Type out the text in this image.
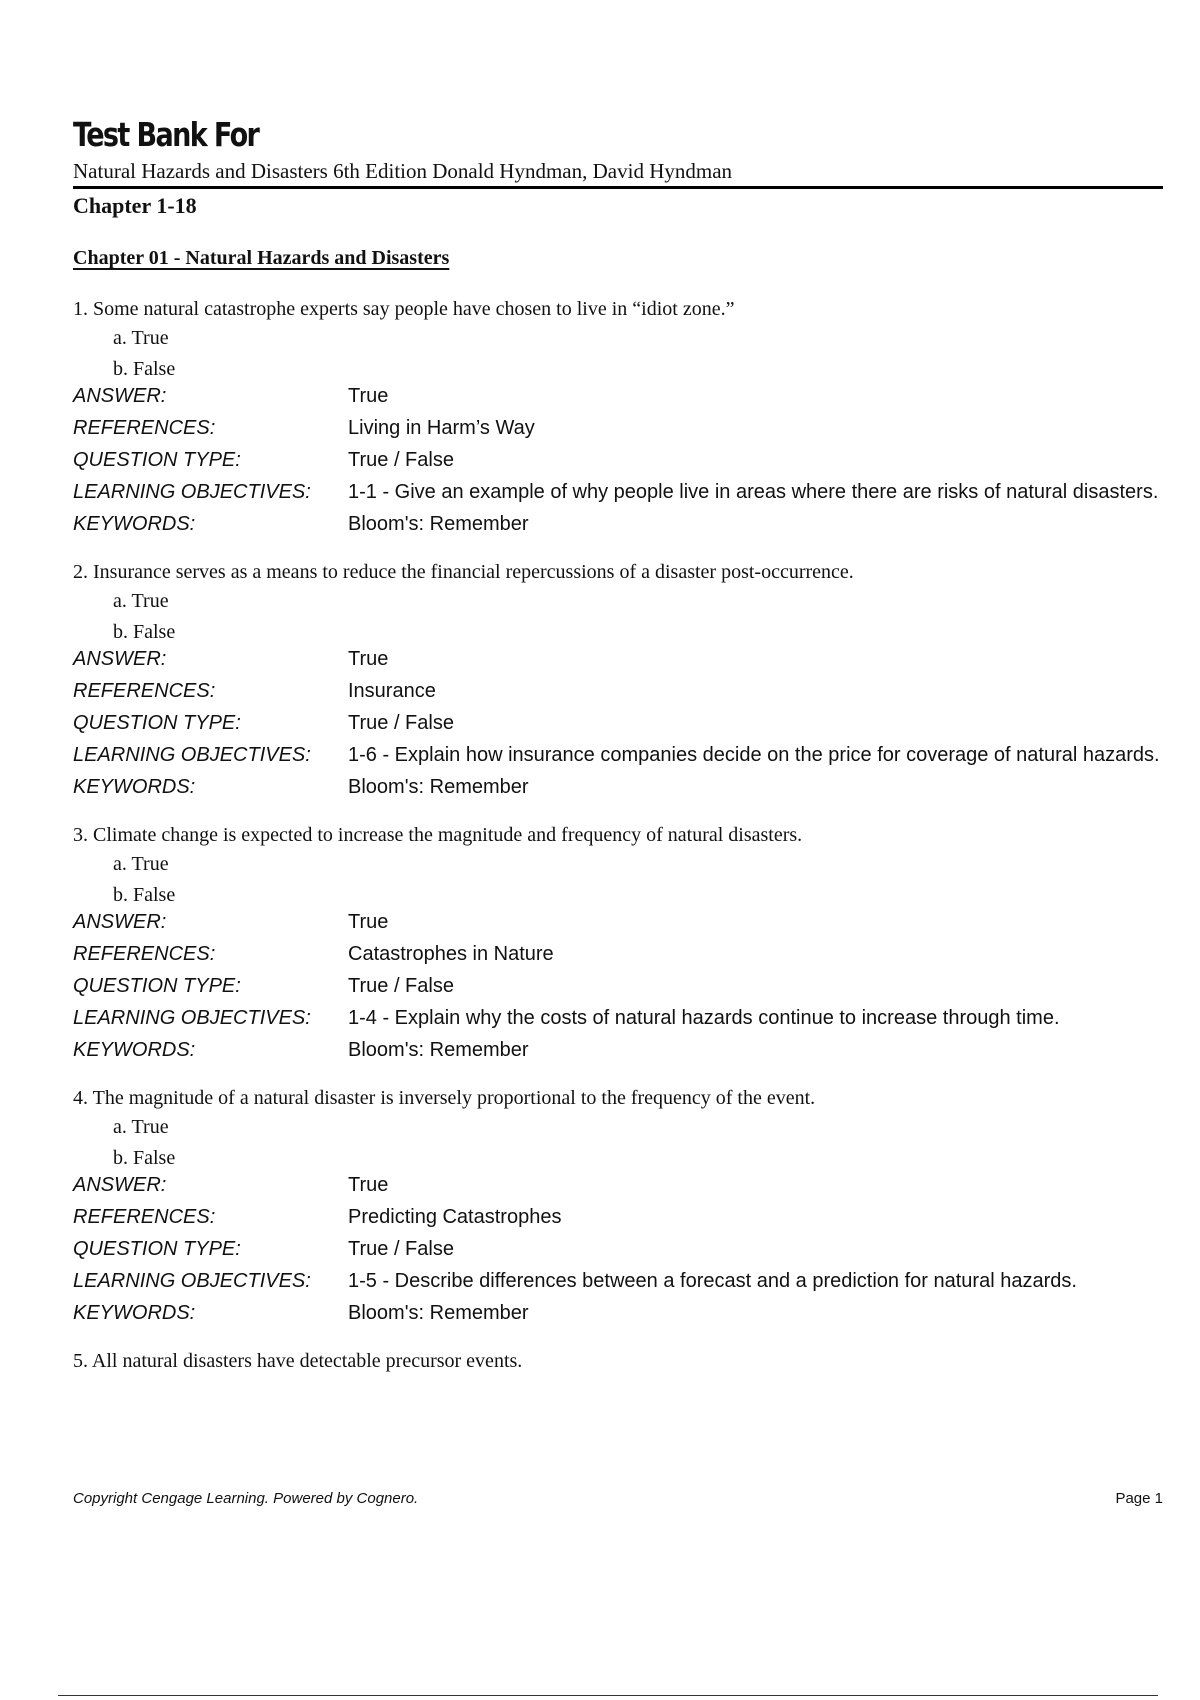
Test Bank For

Natural Hazards and Disasters 6th Edition Donald Hyndman, David Hyndman

Chapter 1-18

Chapter 01 - Natural Hazards and Disasters

1. Some natural catastrophe experts say people have chosen to live in “idiot zone.”

a. True
b. False
ANSWER:	True
REFERENCES:	Living in Harm’s Way
QUESTION TYPE:	True / False
LEARNING OBJECTIVES:	1-1 - Give an example of why people live in areas where there are risks of natural disasters.
KEYWORDS:	Bloom's: Remember

2. Insurance serves as a means to reduce the financial repercussions of a disaster post-occurrence.

a. True
b. False
ANSWER:	True
REFERENCES:	Insurance
QUESTION TYPE:	True / False
LEARNING OBJECTIVES:	1-6 - Explain how insurance companies decide on the price for coverage of natural hazards.
KEYWORDS:	Bloom's: Remember

3. Climate change is expected to increase the magnitude and frequency of natural disasters.

a. True
b. False
ANSWER:	True
REFERENCES:	Catastrophes in Nature
QUESTION TYPE:	True / False
LEARNING OBJECTIVES:	1-4 - Explain why the costs of natural hazards continue to increase through time.
KEYWORDS:	Bloom's: Remember

4. The magnitude of a natural disaster is inversely proportional to the frequency of the event.

a. True
b. False
ANSWER:	True
REFERENCES:	Predicting Catastrophes
QUESTION TYPE:	True / False
LEARNING OBJECTIVES:	1-5 - Describe differences between a forecast and a prediction for natural hazards.
KEYWORDS:	Bloom's: Remember

5. All natural disasters have detectable precursor events.

Copyright Cengage Learning. Powered by Cognero.	Page 1
